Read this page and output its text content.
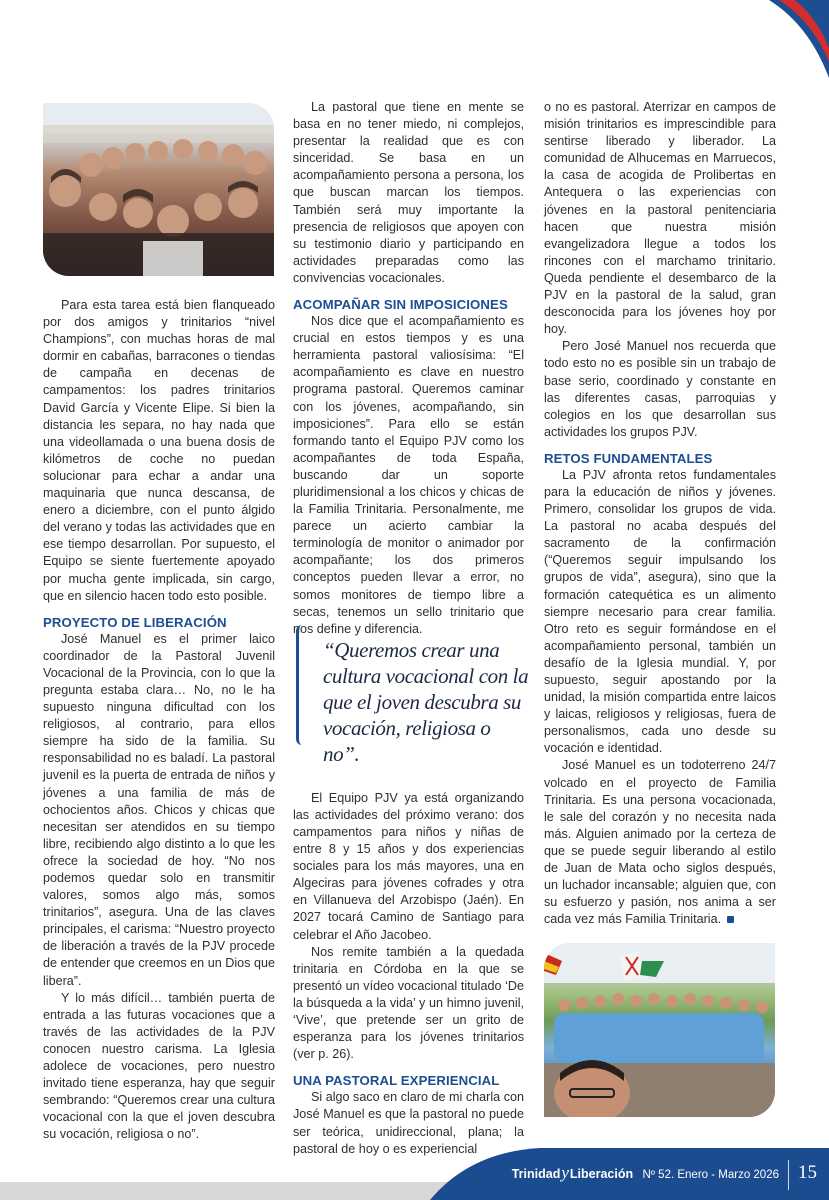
Para esta tarea está bien flanqueado por dos amigos y trinitarios “nivel Champions”, con muchas horas de mal dormir en cabañas, barracones o tiendas de campaña en decenas de campamentos: los padres trinitarios David García y Vicente Elipe. Si bien la distancia les separa, no hay nada que una videollamada o una buena dosis de kilómetros de coche no puedan solucionar para echar a andar una maquinaria que nunca descansa, de enero a diciembre, con el punto álgido del verano y todas las actividades que en ese tiempo desarrollan. Por supuesto, el Equipo se siente fuertemente apoyado por mucha gente implicada, sin cargo, que en silencio hacen todo esto posible.

PROYECTO DE LIBERACIÓN

José Manuel es el primer laico coordinador de la Pastoral Juvenil Vocacional de la Provincia, con lo que la pregunta estaba clara… No, no le ha supuesto ninguna dificultad con los religiosos, al contrario, para ellos siempre ha sido de la familia. Su responsabilidad no es baladí. La pastoral juvenil es la puerta de entrada de niños y jóvenes a una familia de más de ochocientos años. Chicos y chicas que necesitan ser atendidos en su tiempo libre, recibiendo algo distinto a lo que les ofrece la sociedad de hoy. “No nos podemos quedar solo en transmitir valores, somos algo más, somos trinitarios”, asegura. Una de las claves principales, el carisma: “Nuestro proyecto de liberación a través de la PJV procede de entender que creemos en un Dios que libera”.

Y lo más difícil… también puerta de entrada a las futuras vocaciones que a través de las actividades de la PJV conocen nuestro carisma. La Iglesia adolece de vocaciones, pero nuestro invitado tiene esperanza, hay que seguir sembrando: “Queremos crear una cultura vocacional con la que el joven descubra su vocación, religiosa o no”.

La pastoral que tiene en mente se basa en no tener miedo, ni complejos, presentar la realidad que es con sinceridad. Se basa en un acompañamiento persona a persona, los que buscan marcan los tiempos. También será muy importante la presencia de religiosos que apoyen con su testimonio diario y participando en actividades preparadas como las convivencias vocacionales.

ACOMPAÑAR SIN IMPOSICIONES

Nos dice que el acompañamiento es crucial en estos tiempos y es una herramienta pastoral valiosísima: “El acompañamiento es clave en nuestro programa pastoral. Queremos caminar con los jóvenes, acompañando, sin imposiciones”. Para ello se están formando tanto el Equipo PJV como los acompañantes de toda España, buscando dar un soporte pluridimensional a los chicos y chicas de la Familia Trinitaria. Personalmente, me parece un acierto cambiar la terminología de monitor o animador por acompañante; los dos primeros conceptos pueden llevar a error, no somos monitores de tiempo libre a secas, tenemos un sello trinitario que nos define y diferencia.

El Equipo PJV ya está organizando las actividades del próximo verano: dos campamentos para niños y niñas de entre 8 y 15 años y dos experiencias sociales para los más mayores, una en Algeciras para jóvenes cofrades y otra en Villanueva del Arzobispo (Jaén). En 2027 tocará Camino de Santiago para celebrar el Año Jacobeo.

Nos remite también a la quedada trinitaria en Córdoba en la que se presentó un vídeo vocacional titulado ‘De la búsqueda a la vida’ y un himno juvenil, ‘Vive’, que pretende ser un grito de esperanza para los jóvenes trinitarios (ver p. 26).

UNA PASTORAL EXPERIENCIAL

Si algo saco en claro de mi charla con José Manuel es que la pastoral no puede ser teórica, unidireccional, plana; la pastoral de hoy o es experiencial

“Queremos crear una cultura vocacional con la que el joven descubra su vocación, religiosa o no”.

o no es pastoral. Aterrizar en campos de misión trinitarios es imprescindible para sentirse liberado y liberador. La comunidad de Alhucemas en Marruecos, la casa de acogida de Prolibertas en Antequera o las experiencias con jóvenes en la pastoral penitenciaria hacen que nuestra misión evangelizadora llegue a todos los rincones con el marchamo trinitario. Queda pendiente el desembarco de la PJV en la pastoral de la salud, gran desconocida para los jóvenes hoy por hoy.

Pero José Manuel nos recuerda que todo esto no es posible sin un trabajo de base serio, coordinado y constante en las diferentes casas, parroquias y colegios en los que desarrollan sus actividades los grupos PJV.

RETOS FUNDAMENTALES

La PJV afronta retos fundamentales para la educación de niños y jóvenes. Primero, consolidar los grupos de vida. La pastoral no acaba después del sacramento de la confirmación (“Queremos seguir impulsando los grupos de vida”, asegura), sino que la formación catequética es un alimento siempre necesario para crear familia. Otro reto es seguir formándose en el acompañamiento personal, también un desafío de la Iglesia mundial. Y, por supuesto, seguir apostando por la unidad, la misión compartida entre laicos y laicas, religiosos y religiosas, fuera de personalismos, cada uno desde su vocación e identidad.

José Manuel es un todoterreno 24/7 volcado en el proyecto de Familia Trinitaria. Es una persona vocacionada, le sale del corazón y no necesita nada más. Alguien animado por la certeza de que se puede seguir liberando al estilo de Juan de Mata ocho siglos después, un luchador incansable; alguien que, con su esfuerzo y pasión, nos anima a ser cada vez más Familia Trinitaria.

TrinidadyLiberación Nº 52. Enero - Marzo 2026 15
